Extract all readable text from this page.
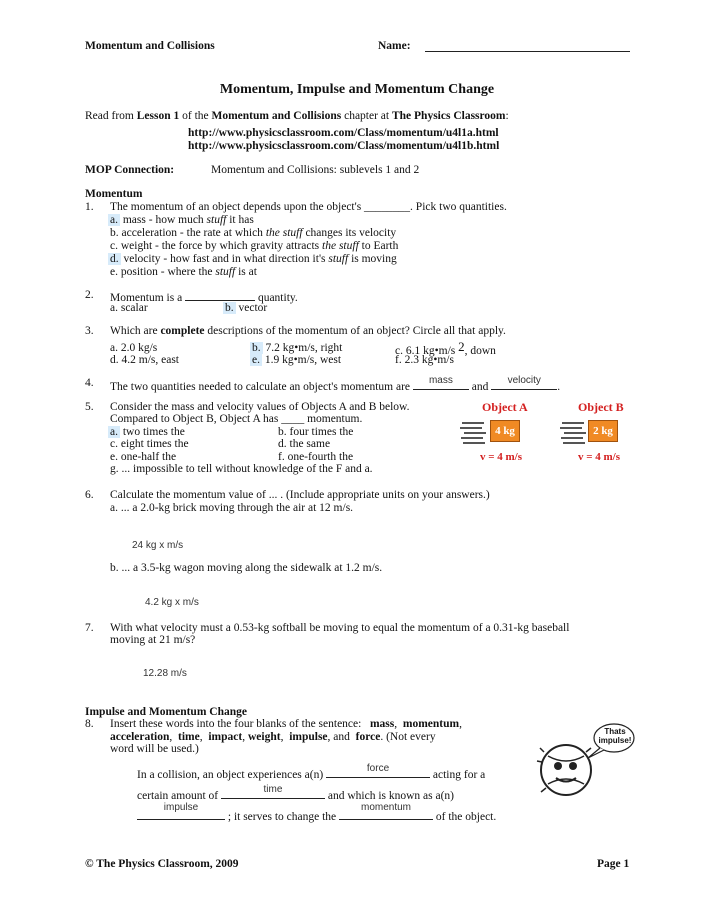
Momentum and Collisions	Name:
Momentum, Impulse and Momentum Change
Read from Lesson 1 of the Momentum and Collisions chapter at The Physics Classroom:
http://www.physicsclassroom.com/Class/momentum/u4l1a.html
http://www.physicsclassroom.com/Class/momentum/u4l1b.html
MOP Connection:	Momentum and Collisions: sublevels 1 and 2
Momentum
1. The momentum of an object depends upon the object's ________. Pick two quantities.
a. mass - how much stuff it has
b. acceleration - the rate at which the stuff changes its velocity
c. weight - the force by which gravity attracts the stuff to Earth
d. velocity - how fast and in what direction it's stuff is moving
e. position - where the stuff is at
2. Momentum is a	quantity.
a. scalar	b. vector
3. Which are complete descriptions of the momentum of an object? Circle all that apply.
a. 2.0 kg/s	b. 7.2 kg•m/s, right	c. 6.1 kg•m/s 2, down
d. 4.2 m/s, east	e. 1.9 kg•m/s, west	f. 2.3 kg•m/s
4. The two quantities needed to calculate an object's momentum are
mass
and
velocity
.
5. Consider the mass and velocity values of Objects A and B below.
Compared to Object B, Object A has ____ momentum.
a. two times the	b. four times the
c. eight times the	d. the same
e. one-half the	f. one-fourth the
g. ... impossible to tell without knowledge of the F and a.
Object A
4 kg
v = 4 m/s
Object B
2 kg
v = 4 m/s
6. Calculate the momentum value of ... . (Include appropriate units on your answers.)
a. ... a 2.0-kg brick moving through the air at 12 m/s.
24 kg x m/s
b. ... a 3.5-kg wagon moving along the sidewalk at 1.2 m/s.
4.2 kg x m/s
7. With what velocity must a 0.53-kg softball be moving to equal the momentum of a 0.31-kg baseball
moving at 21 m/s?
12.28 m/s
Impulse and Momentum Change
8. Insert these words into the four blanks of the sentence: mass,  momentum,
acceleration,  time,  impact, weight,  impulse, and force. (Not every
word will be used.)
In a collision, an object experiences a(n)
force
acting for a
certain amount of
time
and which is known as a(n)
impulse
; it serves to change the
momentum
of the object.
Thats impulse!
© The Physics Classroom, 2009	Page 1
